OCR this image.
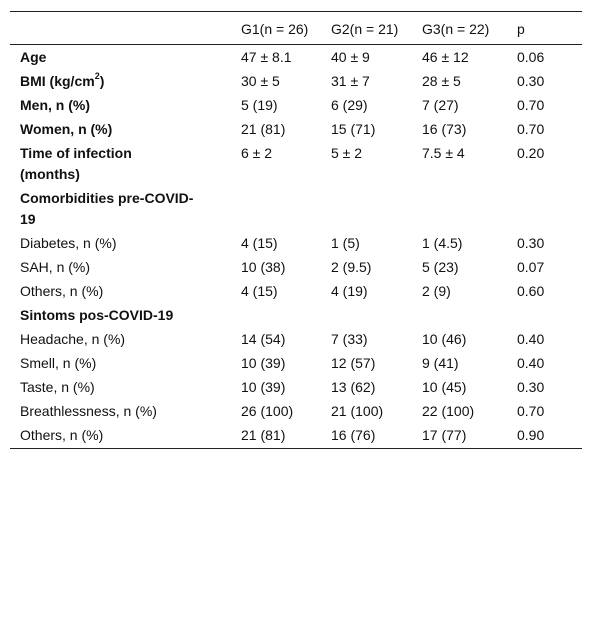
	G1(n = 26)	G2(n = 21)	G3(n = 22)	p

Age	47 ± 8.1	40 ± 9	46 ± 12	0.06
BMI $(kg/cm^2)$	30 ± 5	31 ± 7	28 ± 5	0.30

Men, n (%)	5 (19)	6 (29)	7 (27)	0.70

Women, n (%)	21 (81)	15 (71)	16 (73)	0.70

Time of infection (months)	6 ± 2	5 ± 2	7.5 ± 4	0.20

Comorbidities pre-COVID-19				

Diabetes, n (%)	4 (15)	1 (5)	1 (4.5)	0.30

SAH, n (%)	10 (38)	2 (9.5)	5 (23)	0.07

Others, n (%)	4 (15)	4 (19)	2 (9)	0.60

Sintoms pos-COVID-19				

Headache, n (%)	14 (54)	7 (33)	10 (46)	0.40

Smell, n (%)	10 (39)	12 (57)	9 (41)	0.40

Taste, n (%)	10 (39)	13 (62)	10 (45)	0.30

Breathlessness, n (%)	26 (100)	21 (100)	22 (100)	0.70

Others, n (%)	21 (81)	16 (76)	17 (77)	0.90
